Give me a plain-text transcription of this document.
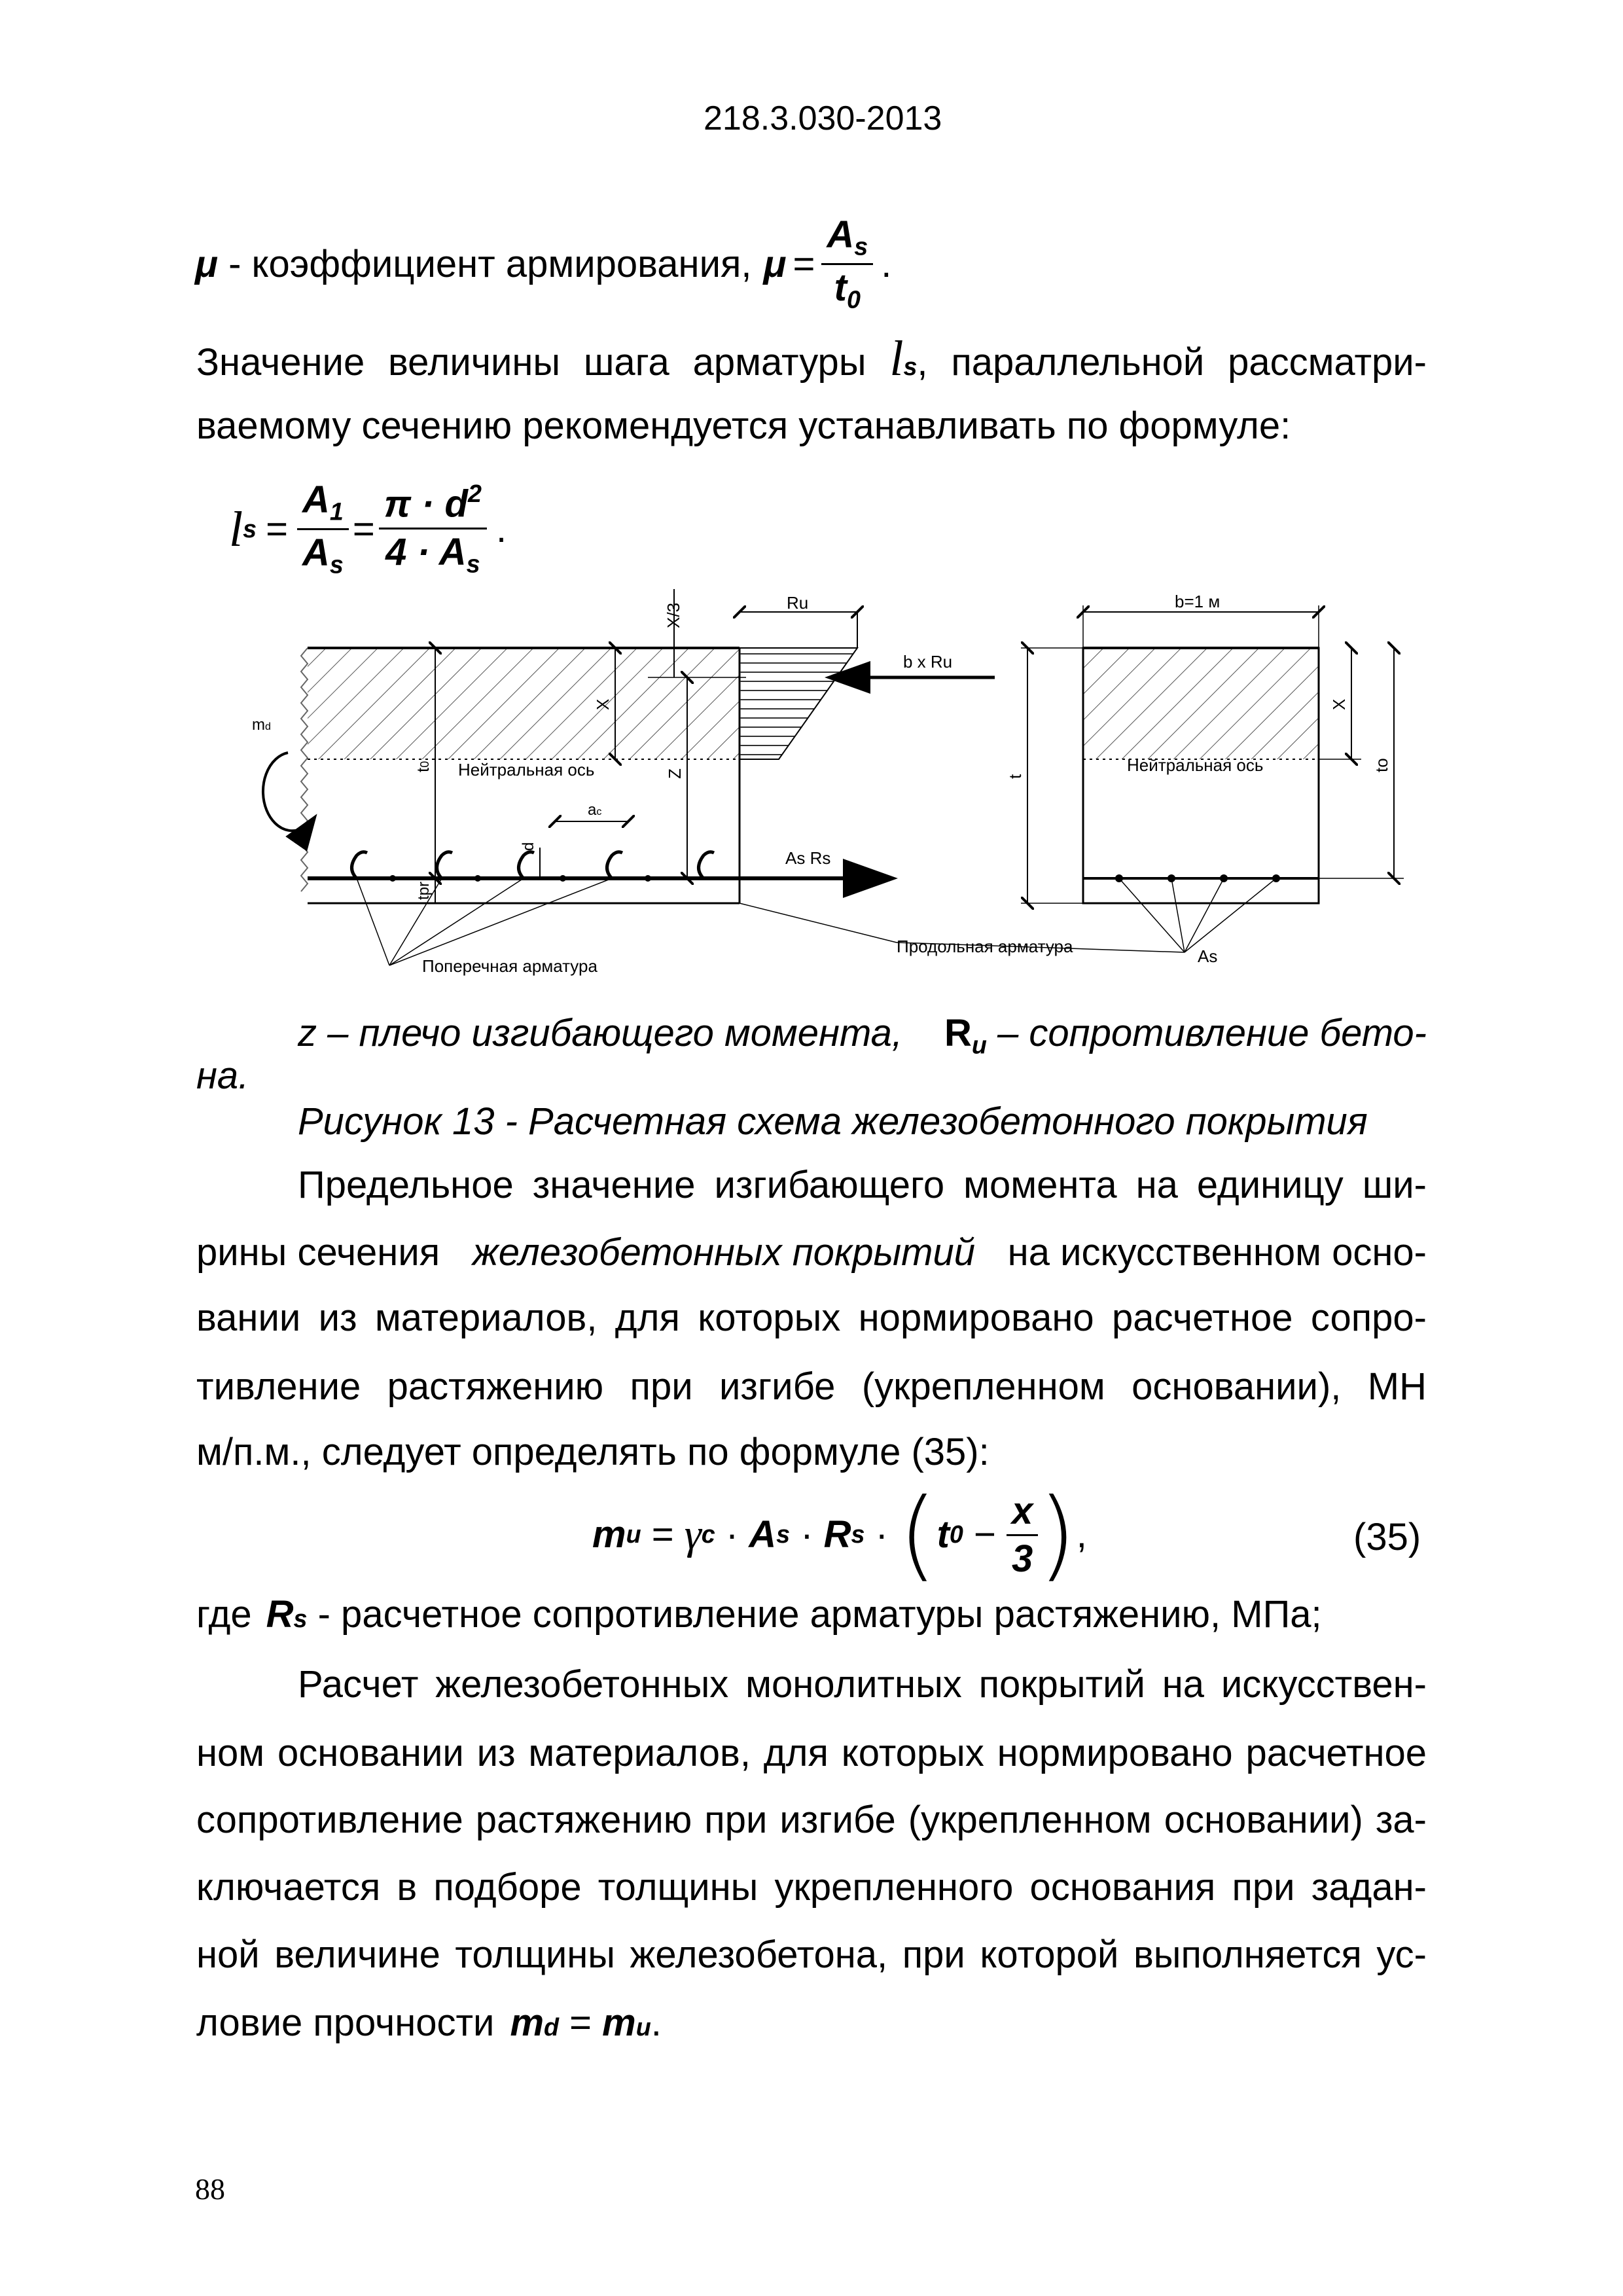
218.3.030-2013
μ - коэффициент армирования, $\mu = \frac{A_s}{t_0}$ .
Значение величины шага арматуры $l_s$ , параллельной рассматри-
ваемому сечению рекомендуется устанавливать по формуле:
l $s = \frac{A_1}{A_s} = \frac{\pi \cdot d^2}{4 \cdot A_s}$ .
Ru
b x Ru
X/3
X
t0 Нейтральная ось	Z
ac
d
tpr
As Rs
md
Поперечная арматура
b=1 м
t
X
to
Нейтральная ось
Продольная арматура	As
z – плечо изгибающего момента, $R_u$ – сопротивление бето-
на.
Рисунок 13 - Расчетная схема железобетонного покрытия
Предельное значение изгибающего момента на единицу ши-
рины сечения железобетонных покрытий на искусственном осно-
вании из материалов, для которых нормировано расчетное сопро-
тивление растяжению при изгибе (укрепленном основании), МН
м/п.м., следует определять по формуле (35):
m u = γ c · A s · R s · ( t $0 - \frac{x}{3}$ ) ,	(35)
где R s - расчетное сопротивление арматуры растяжению, МПа;
Расчет железобетонных монолитных покрытий на искусствен-
ном основании из материалов, для которых нормировано расчетное
сопротивление растяжению при изгибе (укрепленном основании) за-
ключается в подборе толщины укрепленного основания при задан-
ной величине толщины железобетона, при которой выполняется ус-
ловие прочности m d = m u .
88
